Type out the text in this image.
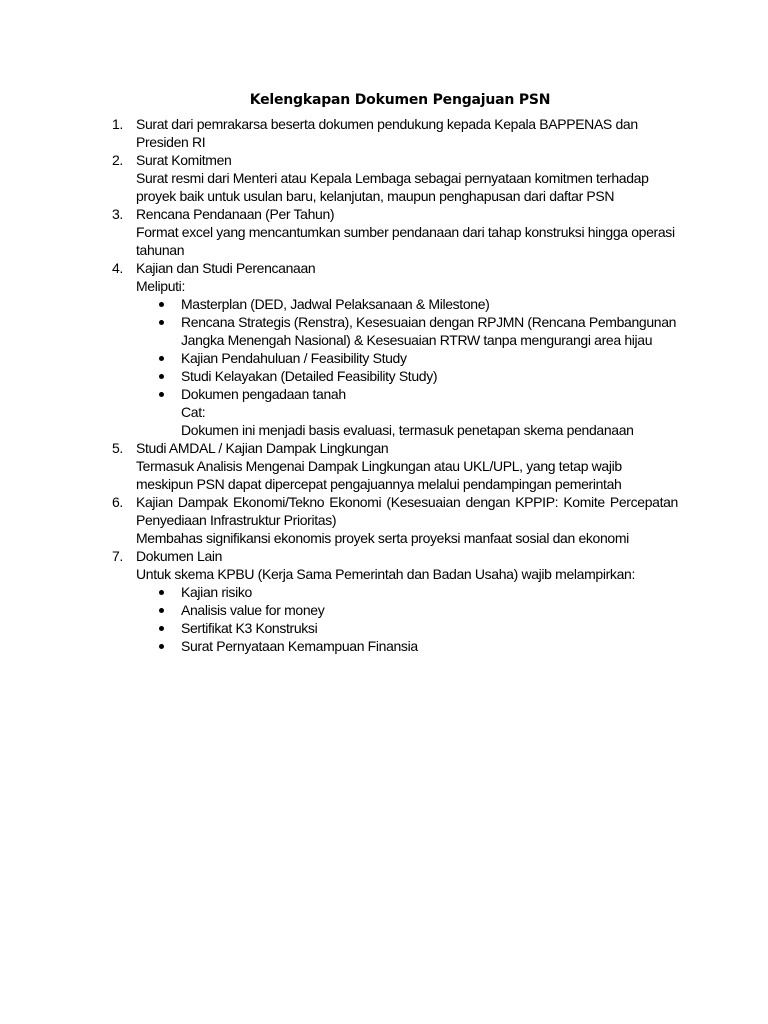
Kelengkapan Dokumen Pengajuan PSN
1. Surat dari pemrakarsa beserta dokumen pendukung kepada Kepala BAPPENAS dan Presiden RI
2. Surat Komitmen
Surat resmi dari Menteri atau Kepala Lembaga sebagai pernyataan komitmen terhadap proyek baik untuk usulan baru, kelanjutan, maupun penghapusan dari daftar PSN
3. Rencana Pendanaan (Per Tahun)
Format excel yang mencantumkan sumber pendanaan dari tahap konstruksi hingga operasi tahunan
4. Kajian dan Studi Perencanaan
Meliputi:
Masterplan (DED, Jadwal Pelaksanaan & Milestone)
Rencana Strategis (Renstra), Kesesuaian dengan RPJMN (Rencana Pembangunan Jangka Menengah Nasional) & Kesesuaian RTRW tanpa mengurangi area hijau
Kajian Pendahuluan / Feasibility Study
Studi Kelayakan (Detailed Feasibility Study)
Dokumen pengadaan tanah
Cat:
Dokumen ini menjadi basis evaluasi, termasuk penetapan skema pendanaan
5. Studi AMDAL / Kajian Dampak Lingkungan
Termasuk Analisis Mengenai Dampak Lingkungan atau UKL/UPL, yang tetap wajib meskipun PSN dapat dipercepat pengajuannya melalui pendampingan pemerintah
6. Kajian Dampak Ekonomi/Tekno Ekonomi (Kesesuaian dengan KPPIP: Komite Percepatan Penyediaan Infrastruktur Prioritas)
Membahas signifikansi ekonomis proyek serta proyeksi manfaat sosial dan ekonomi
7. Dokumen Lain
Untuk skema KPBU (Kerja Sama Pemerintah dan Badan Usaha) wajib melampirkan:
Kajian risiko
Analisis value for money
Sertifikat K3 Konstruksi
Surat Pernyataan Kemampuan Finansia
